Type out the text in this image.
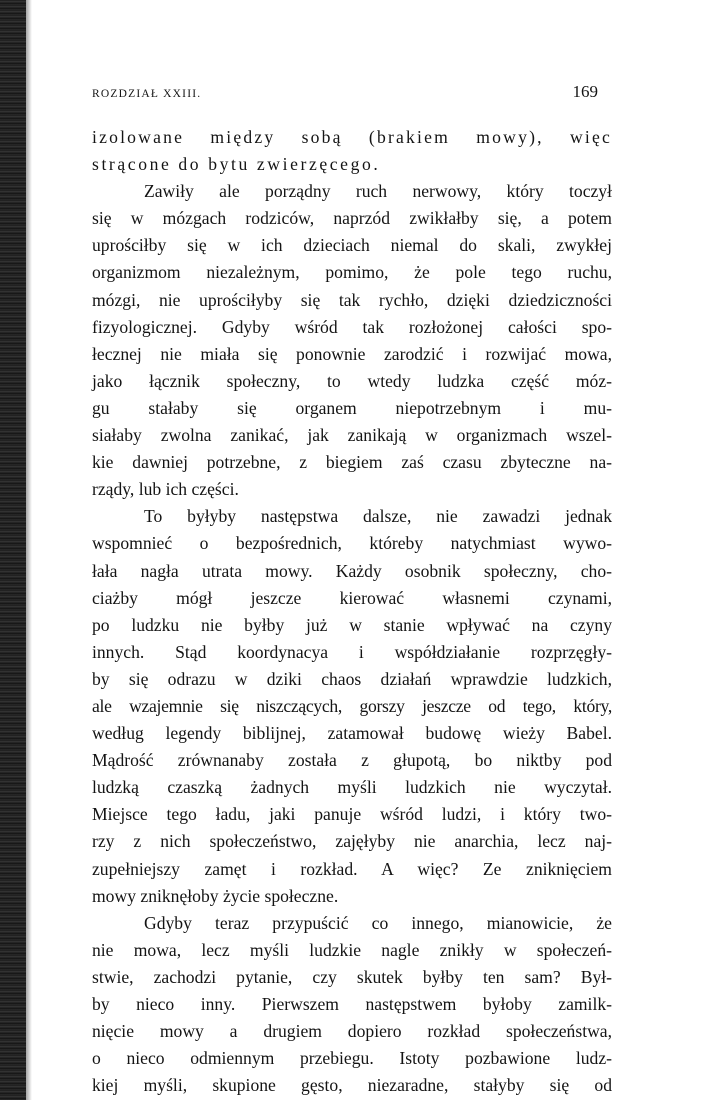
ROZDZIAŁ XXIII.	169
izolowane między sobą (brakiem mowy), więc
strącone do bytu zwierzęcego.
Zawiły ale porządny ruch nerwowy, który toczył
się w mózgach rodziców, naprzód zwikłałby się, a potem
uprościłby się w ich dzieciach niemal do skali, zwykłej
organizmom niezależnym, pomimo, że pole tego ruchu,
mózgi, nie uprościłyby się tak rychło, dzięki dziedziczności
fizyologicznej. Gdyby wśród tak rozłożonej całości spo-
łecznej nie miała się ponownie zarodzić i rozwijać mowa,
jako łącznik społeczny, to wtedy ludzka część móz-
gu stałaby się organem niepotrzebnym i mu-
siałaby zwolna zanikać, jak zanikają w organizmach wszel-
kie dawniej potrzebne, z biegiem zaś czasu zbyteczne na-
rządy, lub ich części.
To byłyby następstwa dalsze, nie zawadzi jednak
wspomnieć o bezpośrednich, któreby natychmiast wywo-
łała nagła utrata mowy. Każdy osobnik społeczny, cho-
ciażby mógł jeszcze kierować własnemi czynami,
po ludzku nie byłby już w stanie wpływać na czyny
innych. Stąd koordynacya i współdziałanie rozprzęgły-
by się odrazu w dziki chaos działań wprawdzie ludzkich,
ale wzajemnie się niszczących, gorszy jeszcze od tego, który,
według legendy biblijnej, zatamował budowę wieży Babel.
Mądrość zrównanaby została z głupotą, bo niktby pod
ludzką czaszką żadnych myśli ludzkich nie wyczytał.
Miejsce tego ładu, jaki panuje wśród ludzi, i który two-
rzy z nich społeczeństwo, zajęłyby nie anarchia, lecz naj-
zupełniejszy zamęt i rozkład. A więc? Ze zniknięciem
mowy zniknęłoby życie społeczne.
Gdyby teraz przypuścić co innego, mianowicie, że
nie mowa, lecz myśli ludzkie nagle znikły w społeczeń-
stwie, zachodzi pytanie, czy skutek byłby ten sam? Był-
by nieco inny. Pierwszem następstwem byłoby zamilk-
nięcie mowy a drugiem dopiero rozkład społeczeństwa,
o nieco odmiennym przebiegu. Istoty pozbawione ludz-
kiej myśli, skupione gęsto, niezaradne, stałyby się od
